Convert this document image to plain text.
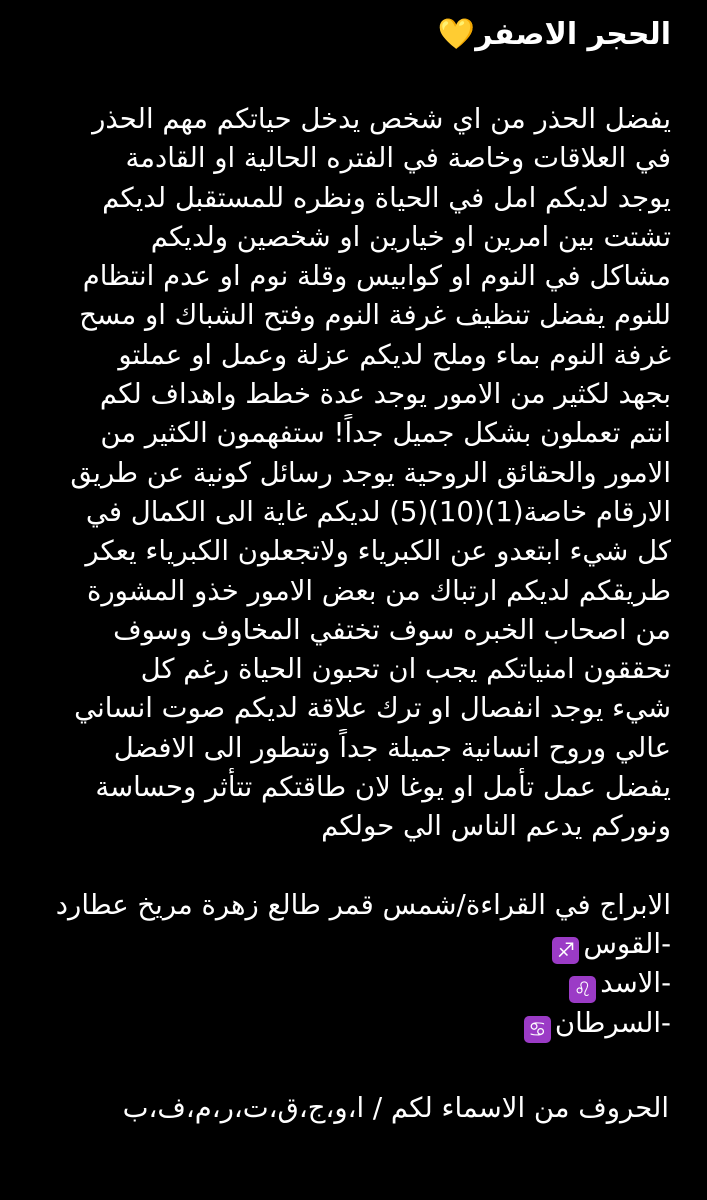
الحجر الاصفر💛
يفضل الحذر من اي شخص يدخل حياتكم مهم الحذر
في العلاقات وخاصة في الفتره الحالية او القادمة
يوجد لديكم امل في الحياة ونظره للمستقبل لديكم
تشتت بين امرين او خيارين او شخصين ولديكم
مشاكل في النوم او كوابيس وقلة نوم او عدم انتظام
للنوم يفضل تنظيف غرفة النوم وفتح الشباك او مسح
غرفة النوم بماء وملح لديكم عزلة وعمل او عملتو
بجهد لكثير من الامور يوجد عدة خطط واهداف لكم
انتم تعملون بشكل جميل جداً! ستفهمون الكثير من
الامور والحقائق الروحية يوجد رسائل كونية عن طريق
الارقام خاصة(1)(10)(5) لديكم غاية الى الكمال في
كل شيء ابتعدو عن الكبرياء ولاتجعلون الكبرياء يعكر
طريقكم لديكم ارتباك من بعض الامور خذو المشورة
من اصحاب الخبره سوف تختفي المخاوف وسوف
تحققون امنياتكم يجب ان تحبون الحياة رغم كل
شيء يوجد انفصال او ترك علاقة لديكم صوت انساني
عالي وروح انسانية جميلة جداً وتتطور الى الافضل
يفضل عمل تأمل او يوغا لان طاقتكم تتأثر وحساسة
ونوركم يدعم الناس الي حولكم
الابراج في القراءة/شمس قمر طالع زهرة مريخ عطارد
-القوس♐
-الاسد♌
-السرطان♋
الحروف من الاسماء لكم / ا،و،ج،ق،ت،ر،م،ف،ب
